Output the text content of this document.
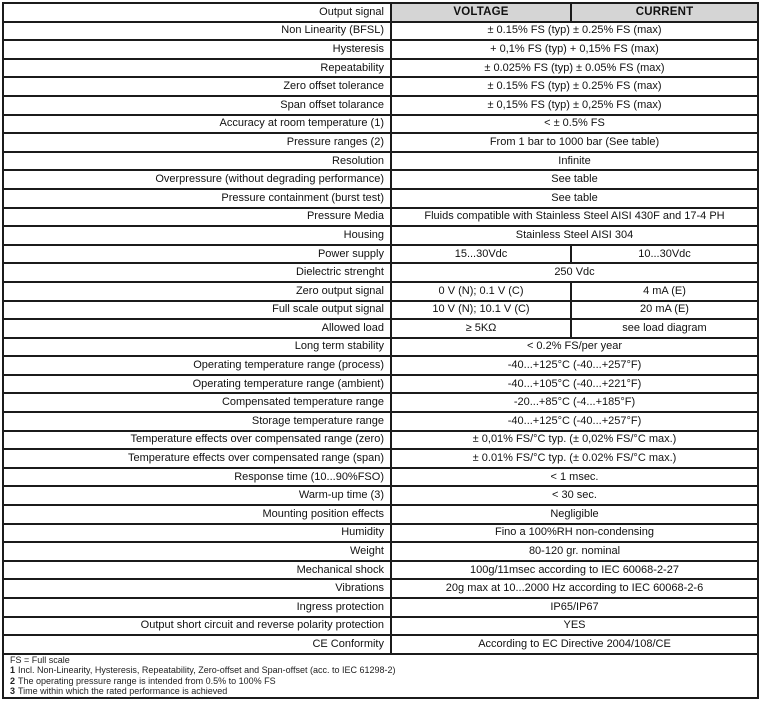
Output signal	VOLTAGE	CURRENT
Non Linearity (BFSL)	± 0.15% FS (typ) ± 0.25% FS (max)	
Hysteresis	+ 0,1% FS (typ) + 0,15% FS (max)	
Repeatability	± 0.025% FS (typ) ± 0.05% FS (max)	
Zero offset tolerance	± 0.15% FS (typ) ± 0.25% FS (max)	
Span offset tolarance	± 0,15% FS (typ) ± 0,25% FS (max)	
Accuracy at room temperature (1)	< ± 0.5% FS	
Pressure ranges (2)	From 1 bar to 1000 bar (See table)	
Resolution	Infinite	
Overpressure (without degrading performance)	See table	
Pressure containment (burst test)	See table	
Pressure Media	Fluids compatible with Stainless Steel AISI 430F and 17-4 PH	
Housing	Stainless Steel AISI 304	
Power supply	15...30Vdc	10...30Vdc
Dielectric strenght	250 Vdc	
Zero output signal	0 V (N); 0.1 V (C)	4 mA (E)
Full scale output signal	10 V (N); 10.1 V (C)	20 mA (E)
Allowed load	≥ 5KΩ	see load diagram
Long term stability	< 0.2% FS/per year	
Operating temperature range (process)	-40...+125°C (-40...+257°F)	
Operating temperature range (ambient)	-40...+105°C (-40...+221°F)	
Compensated temperature range	-20...+85°C (-4...+185°F)	
Storage temperature range	-40...+125°C (-40...+257°F)	
Temperature effects over compensated range (zero)	± 0,01% FS/°C typ. (± 0,02% FS/°C max.)	
Temperature effects over compensated range (span)	± 0.01% FS/°C typ. (± 0.02% FS/°C max.)	
Response time (10...90%FSO)	< 1 msec.	
Warm-up time (3)	< 30 sec.	
Mounting position effects	Negligible	
Humidity	Fino a 100%RH non-condensing	
Weight	80-120 gr. nominal	
Mechanical shock	100g/11msec according to IEC 60068-2-27	
Vibrations	20g max at 10...2000 Hz according to IEC 60068-2-6	
Ingress protection	IP65/IP67	
Output short circuit and reverse polarity protection	YES	
CE Conformity	According to EC Directive 2004/108/CE	

FS = Full scale
1 Incl. Non-Linearity, Hysteresis, Repeatability, Zero-offset and Span-offset (acc. to IEC 61298-2)
2 The operating pressure range is intended from 0.5% to 100% FS
3 Time within which the rated performance is achieved		
